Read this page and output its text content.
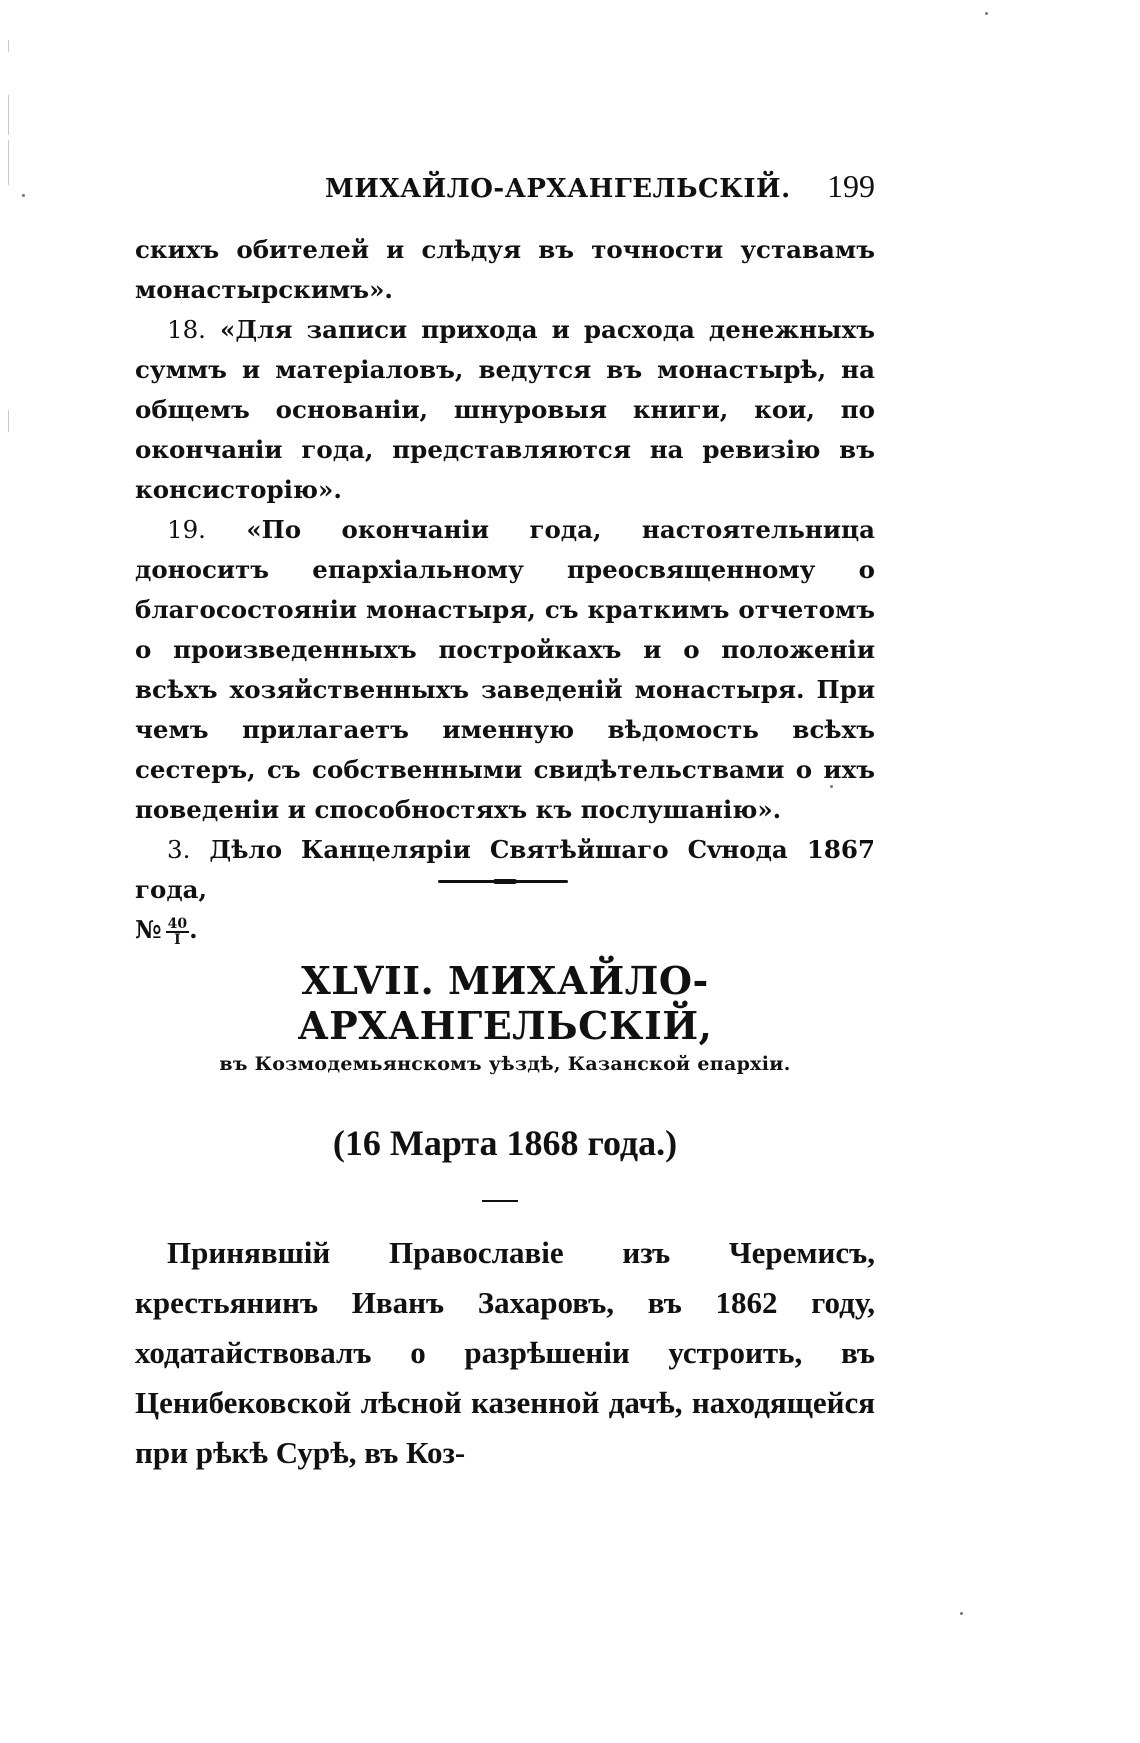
МИХАЙЛО-АРХАНГЕЛЬСКІЙ. 199

скихъ обителей и слѣдуя въ точности уставамъ монастырскимъ».

18. «Для записи прихода и расхода денежныхъ суммъ и матеріаловъ, ведутся въ монастырѣ, на общемъ основаніи, шнуровыя книги, кои, по окончаніи года, представляются на ревизію въ консисторію».

19. «По окончаніи года, настоятельница доноситъ епархіальному преосвященному о благосостояніи монастыря, съ краткимъ отчетомъ о произведенныхъ постройкахъ и о положеніи всѣхъ хозяйственныхъ заведеній монастыря. При чемъ прилагаетъ именную вѣдомость всѣхъ сестеръ, съ собственными свидѣтельствами о ихъ поведеніи и способностяхъ къ послушанію».

3. Дѣло Канцеляріи Святѣйшаго Сvнода 1867 года,

№ $\frac{40}{I}$ .

XLVII. МИХАЙЛО-АРХАНГЕЛЬСКІЙ,
въ Козмодемьянскомъ уѣздѣ, Казанской епархіи.
(16 Марта 1868 года.)

Принявшій Православіе изъ Черемисъ, крестьянинъ Иванъ Захаровъ, въ 1862 году, ходатайствовалъ о разрѣшеніи устроить, въ Ценибековской лѣсной казенной дачѣ, находящейся при рѣкѣ Сурѣ, въ Коз-
